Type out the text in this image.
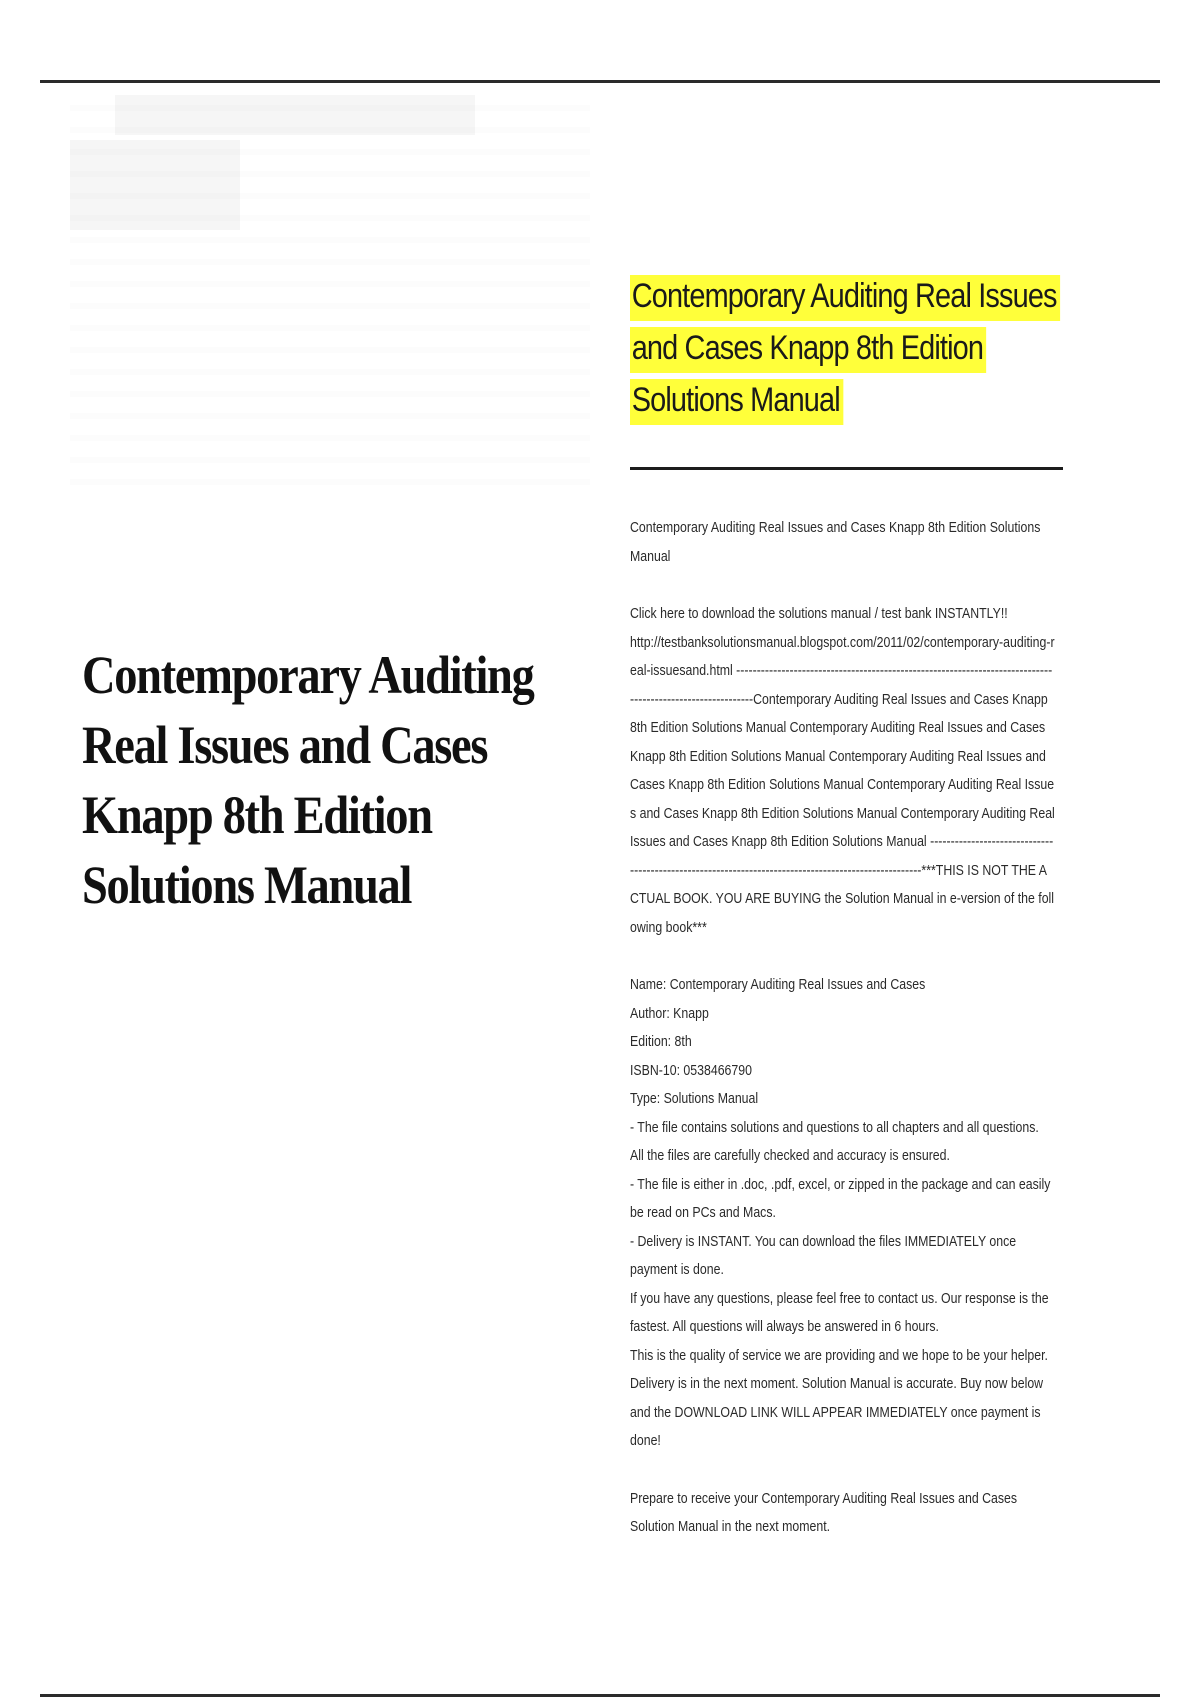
Contemporary Auditing Real Issues and Cases Knapp 8th Edition Solutions Manual
Contemporary Auditing Real Issues and Cases Knapp 8th Edition Solutions Manual

Contemporary Auditing Real Issues and Cases Knapp 8th Edition Solutions Manual

Click here to download the solutions manual / test bank INSTANTLY!!

http://testbanksolutionsmanual.blogspot.com/2011/02/contemporary-auditing-real-issuesand.html -----------------------------------------------------------------------------------------------------------Contemporary Auditing Real Issues and Cases Knapp 8th Edition Solutions Manual Contemporary Auditing Real Issues and Cases Knapp 8th Edition Solutions Manual Contemporary Auditing Real Issues and Cases Knapp 8th Edition Solutions Manual Contemporary Auditing Real Issues and Cases Knapp 8th Edition Solutions Manual Contemporary Auditing Real Issues and Cases Knapp 8th Edition Solutions Manual -----------------------------------------------------------------------------------------------------***THIS IS NOT THE ACTUAL BOOK. YOU ARE BUYING the Solution Manual in e-version of the following book***

Name: Contemporary Auditing Real Issues and Cases

Author: Knapp

Edition: 8th

ISBN-10: 0538466790

Type: Solutions Manual

- The file contains solutions and questions to all chapters and all questions. All the files are carefully checked and accuracy is ensured.

- The file is either in .doc, .pdf, excel, or zipped in the package and can easily be read on PCs and Macs.

- Delivery is INSTANT. You can download the files IMMEDIATELY once payment is done.

If you have any questions, please feel free to contact us. Our response is the fastest. All questions will always be answered in 6 hours.

This is the quality of service we are providing and we hope to be your helper. Delivery is in the next moment. Solution Manual is accurate. Buy now below and the DOWNLOAD LINK WILL APPEAR IMMEDIATELY once payment is done!

Prepare to receive your Contemporary Auditing Real Issues and Cases Solution Manual in the next moment.
